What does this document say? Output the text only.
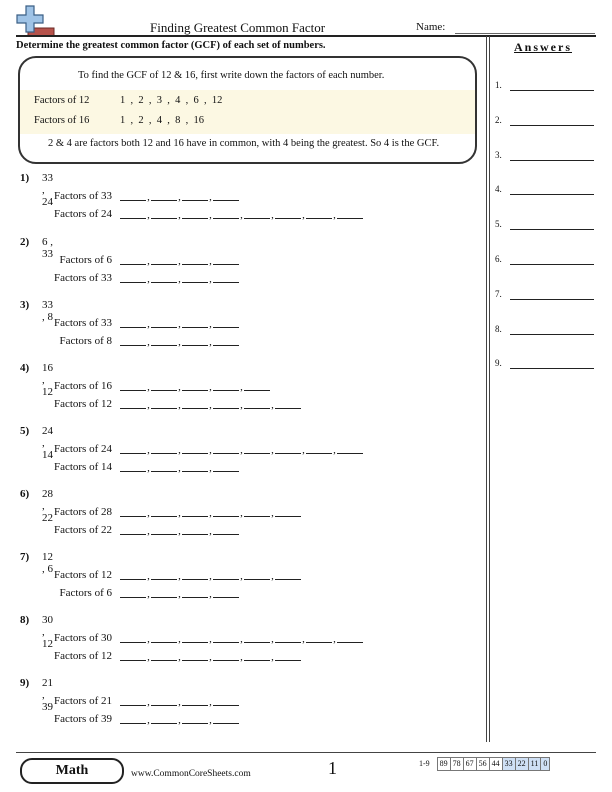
Finding Greatest Common Factor	Name:
Determine the greatest common factor (GCF) of each set of numbers.	Answers
To find the GCF of 12 & 16, first write down the factors of each number.
Factors of 12	1  ,  2  ,  3  ,  4  ,  6  ,  12
Factors of 16	1  ,  2  ,  4  ,  8  ,  16
2 & 4 are factors both 12 and 16 have in common, with 4 being the greatest. So 4 is the GCF.
1) 33 , 24 Factors of 33	,	,	,
Factors of 24	,	,	,	,	,	,	,
2) 6 , 33 Factors of 6	,	,	,
Factors of 33	,	,	,
3) 33 , 8 Factors of 33	,	,	,
Factors of 8	,	,	,
4) 16 , 12 Factors of 16	,	,	,	,
Factors of 12	,	,	,	,	,
5) 24 , 14 Factors of 24	,	,	,	,	,	,	,
Factors of 14	,	,	,
6) 28 , 22 Factors of 28	,	,	,	,	,
Factors of 22	,	,	,
7) 12 , 6 Factors of 12	,	,	,	,	,
Factors of 6	,	,	,
8) 30 , 12 Factors of 30	,	,	,	,	,	,	,
Factors of 12	,	,	,	,	,
9) 21 , 39 Factors of 21	,	,	,
Factors of 39	,	,	,
1.
2.
3.
4.
5.
6.
7.
8.
9.
Math	www.CommonCoreSheets.com	1	1-9 89 78 67 56 44 33 22 11 0
